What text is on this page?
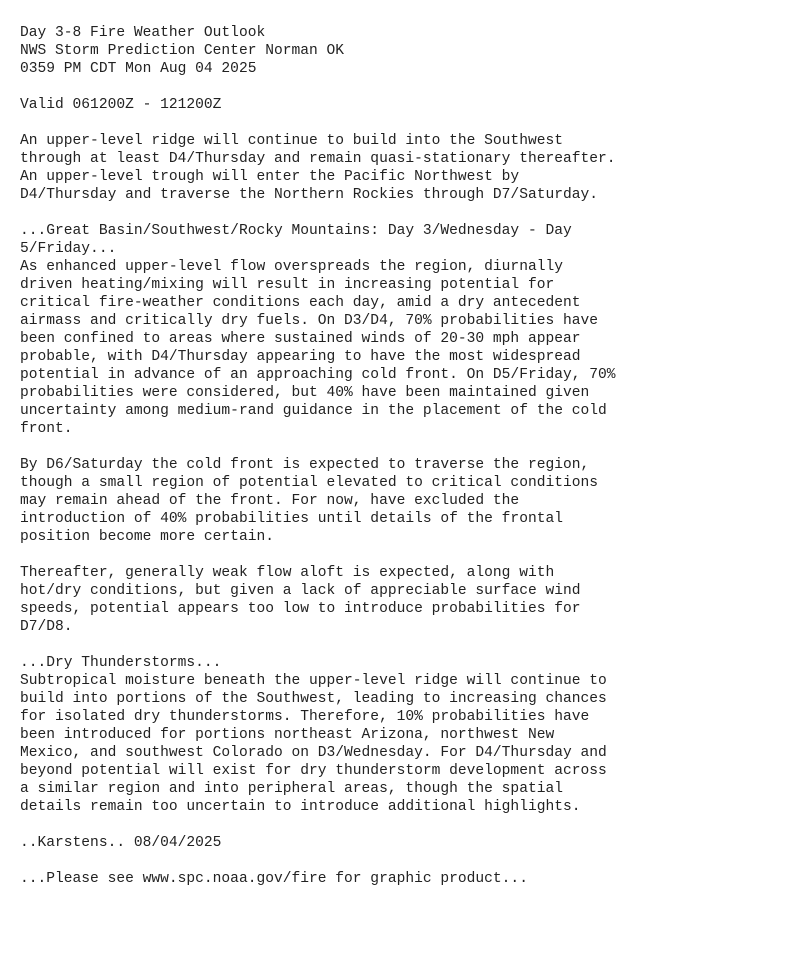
Day 3-8 Fire Weather Outlook
NWS Storm Prediction Center Norman OK
0359 PM CDT Mon Aug 04 2025
Valid 061200Z - 121200Z
An upper-level ridge will continue to build into the Southwest
through at least D4/Thursday and remain quasi-stationary thereafter.
An upper-level trough will enter the Pacific Northwest by
D4/Thursday and traverse the Northern Rockies through D7/Saturday.
...Great Basin/Southwest/Rocky Mountains: Day 3/Wednesday - Day
5/Friday...
As enhanced upper-level flow overspreads the region, diurnally
driven heating/mixing will result in increasing potential for
critical fire-weather conditions each day, amid a dry antecedent
airmass and critically dry fuels. On D3/D4, 70% probabilities have
been confined to areas where sustained winds of 20-30 mph appear
probable, with D4/Thursday appearing to have the most widespread
potential in advance of an approaching cold front. On D5/Friday, 70%
probabilities were considered, but 40% have been maintained given
uncertainty among medium-rand guidance in the placement of the cold
front.
By D6/Saturday the cold front is expected to traverse the region,
though a small region of potential elevated to critical conditions
may remain ahead of the front. For now, have excluded the
introduction of 40% probabilities until details of the frontal
position become more certain.
Thereafter, generally weak flow aloft is expected, along with
hot/dry conditions, but given a lack of appreciable surface wind
speeds, potential appears too low to introduce probabilities for
D7/D8.
...Dry Thunderstorms...
Subtropical moisture beneath the upper-level ridge will continue to
build into portions of the Southwest, leading to increasing chances
for isolated dry thunderstorms. Therefore, 10% probabilities have
been introduced for portions northeast Arizona, northwest New
Mexico, and southwest Colorado on D3/Wednesday. For D4/Thursday and
beyond potential will exist for dry thunderstorm development across
a similar region and into peripheral areas, though the spatial
details remain too uncertain to introduce additional highlights.
..Karstens.. 08/04/2025
...Please see www.spc.noaa.gov/fire for graphic product...
